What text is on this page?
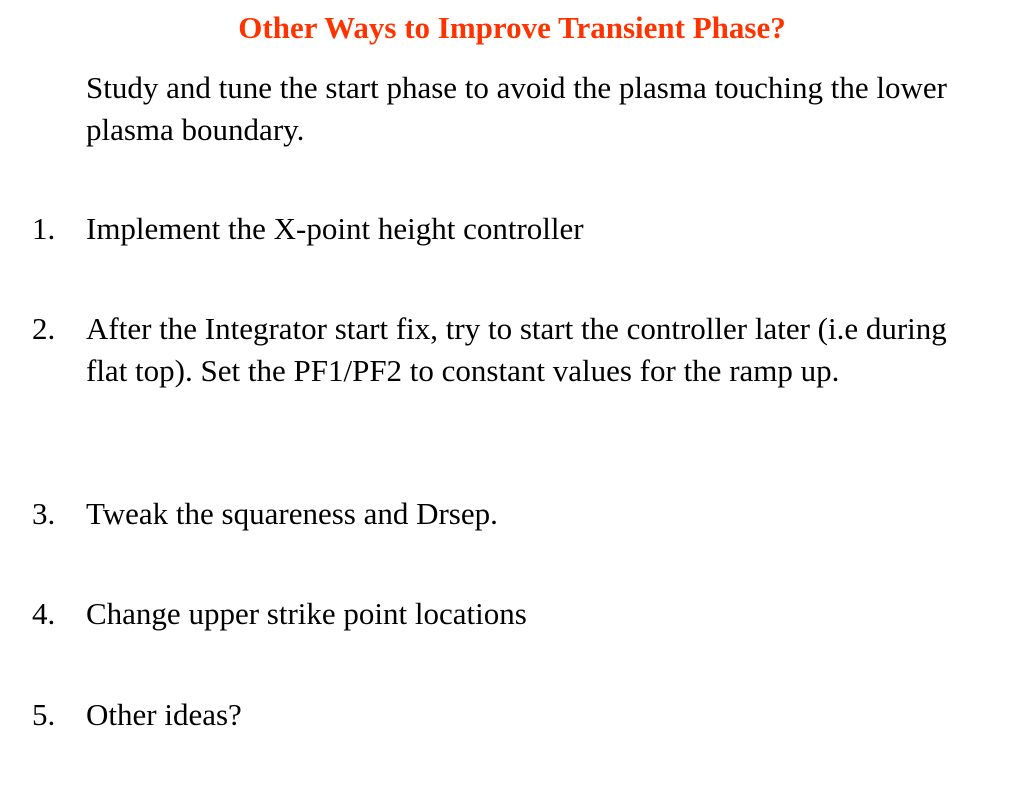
Other Ways to Improve Transient Phase?
Study and tune the start phase to avoid the plasma touching the lower plasma boundary.
1. Implement the X-point height controller
2. After the Integrator start fix, try to start the controller later (i.e during flat top). Set the PF1/PF2 to constant values for the ramp up.
3. Tweak the squareness and Drsep.
4. Change upper strike point locations
5. Other ideas?
